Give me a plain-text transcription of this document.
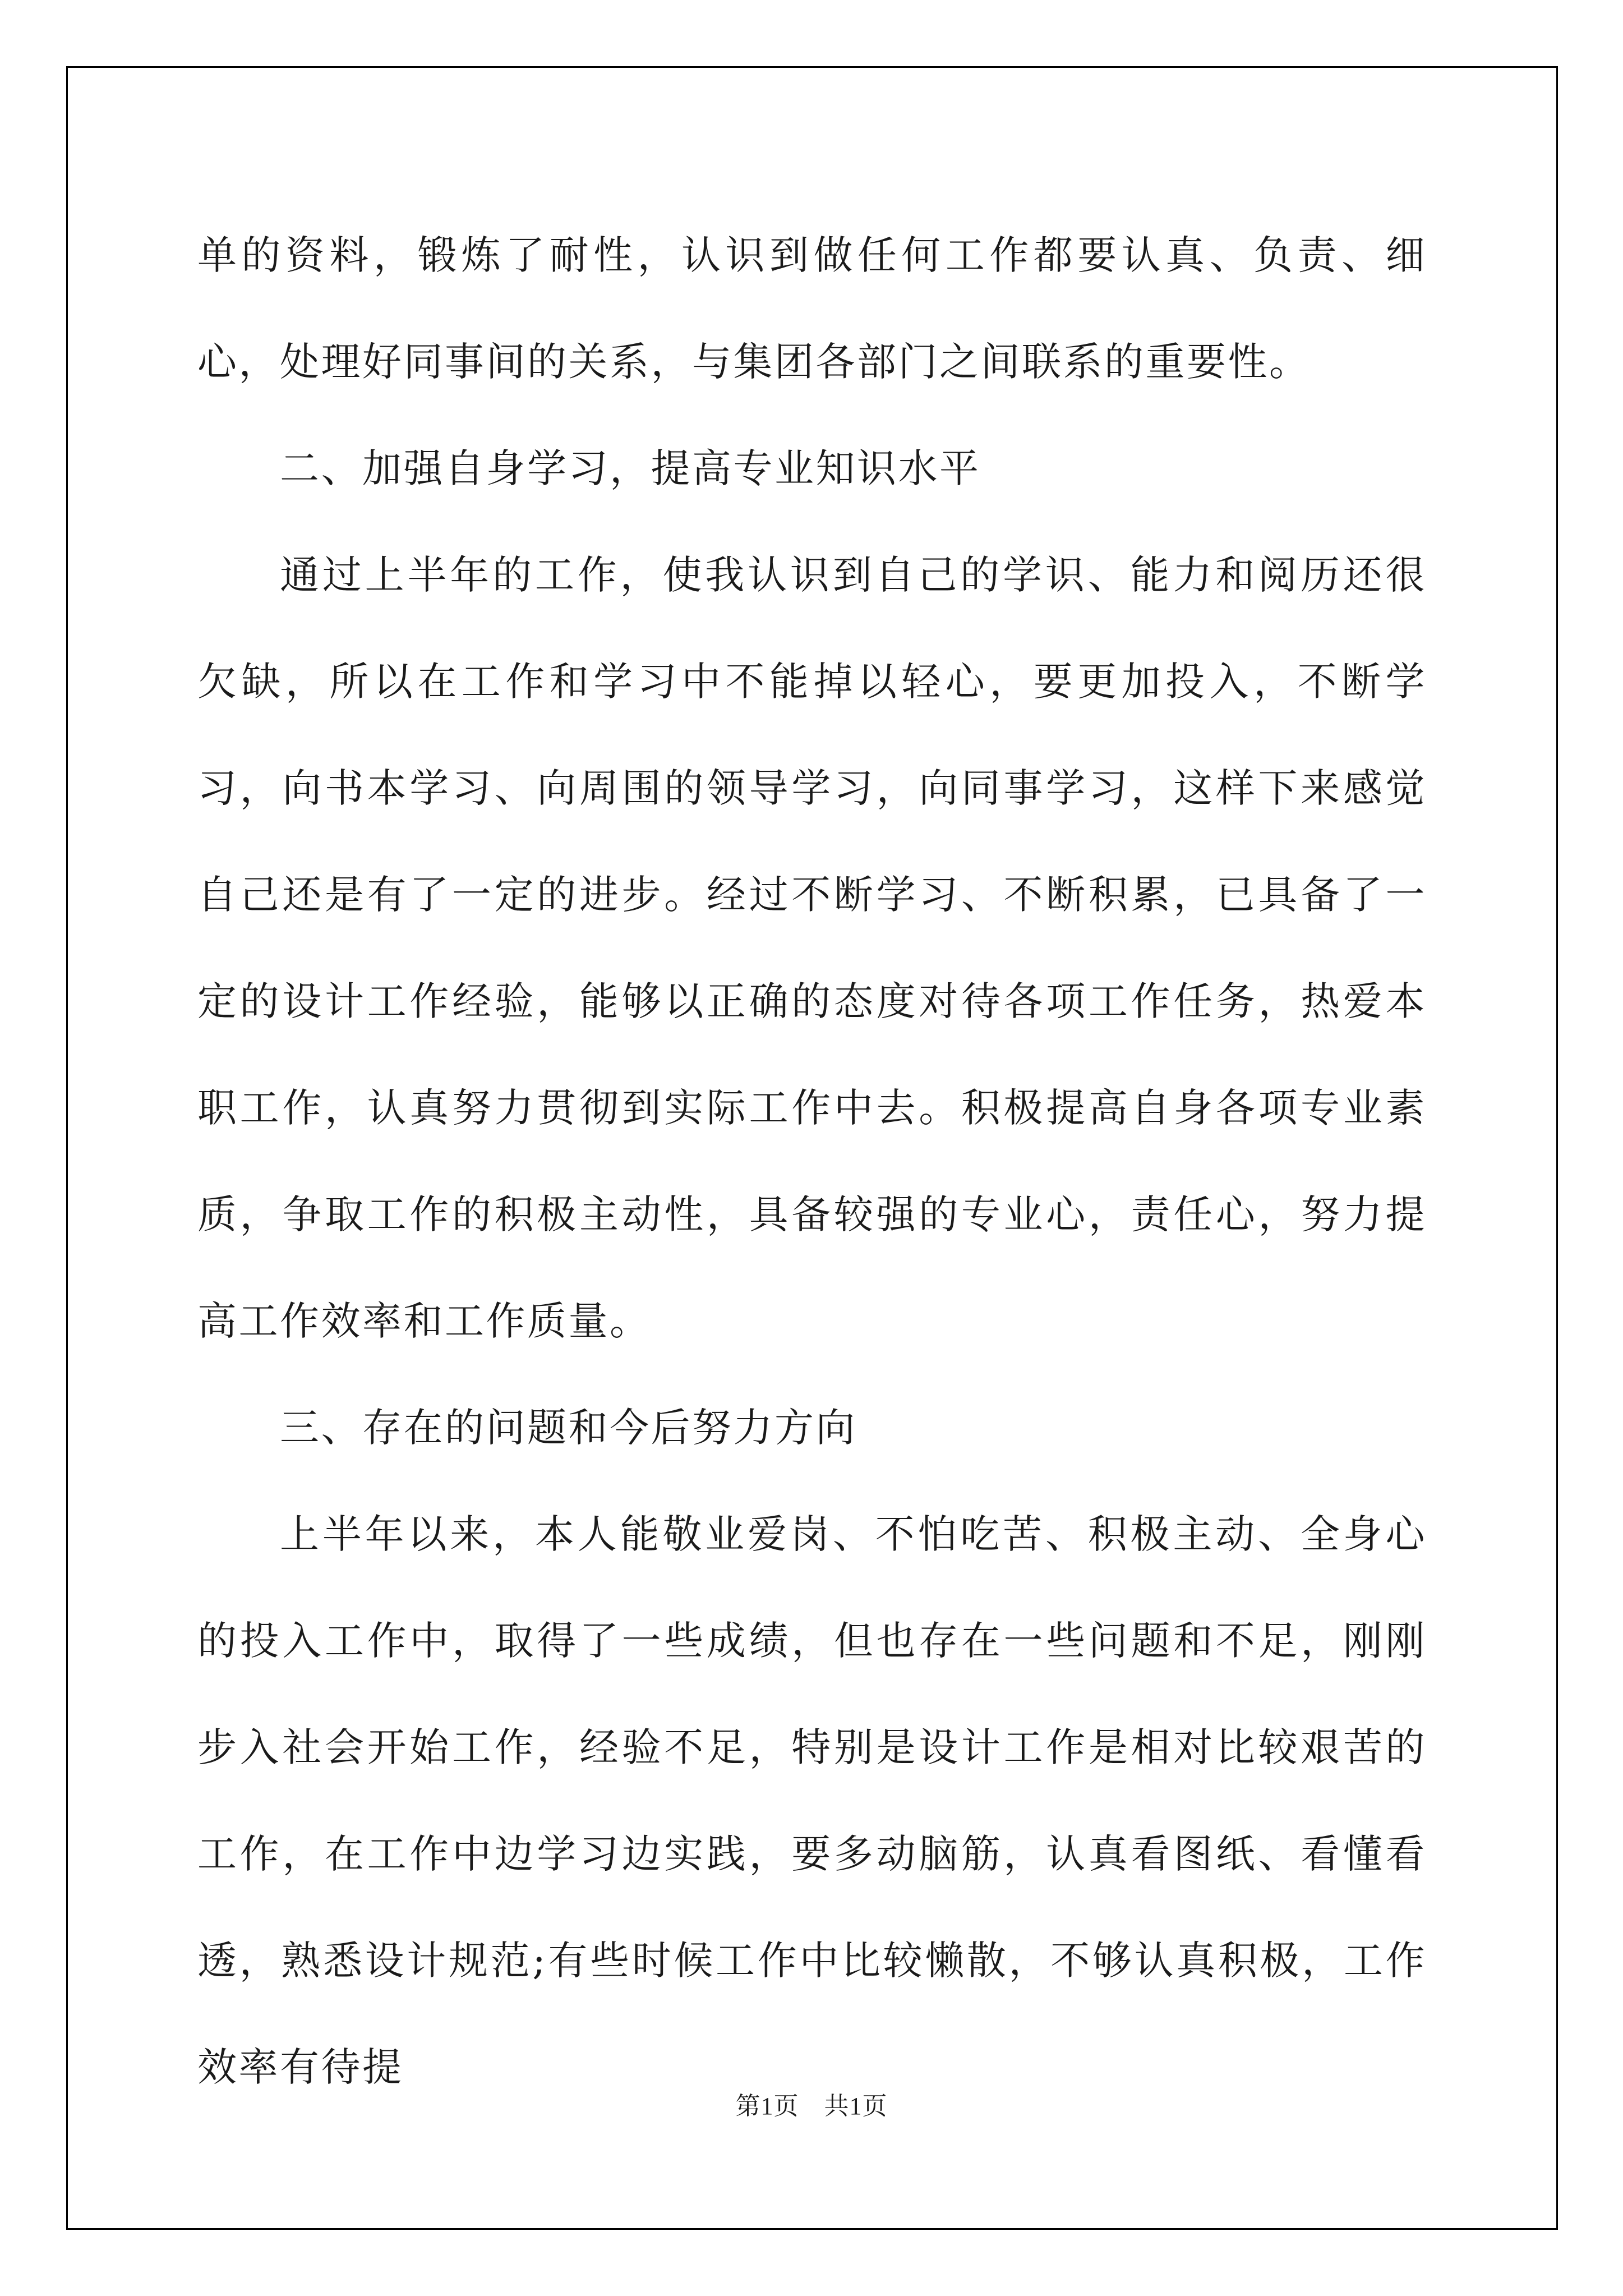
单的资料，锻炼了耐性，认识到做任何工作都要认真、负责、细心，处理好同事间的关系，与集团各部门之间联系的重要性。

二、加强自身学习，提高专业知识水平

通过上半年的工作，使我认识到自己的学识、能力和阅历还很欠缺，所以在工作和学习中不能掉以轻心，要更加投入，不断学习，向书本学习、向周围的领导学习，向同事学习，这样下来感觉自己还是有了一定的进步。经过不断学习、不断积累，已具备了一定的设计工作经验，能够以正确的态度对待各项工作任务，热爱本职工作，认真努力贯彻到实际工作中去。积极提高自身各项专业素质，争取工作的积极主动性，具备较强的专业心，责任心，努力提高工作效率和工作质量。

三、存在的问题和今后努力方向

上半年以来，本人能敬业爱岗、不怕吃苦、积极主动、全身心的投入工作中，取得了一些成绩，但也存在一些问题和不足，刚刚步入社会开始工作，经验不足，特别是设计工作是相对比较艰苦的工作，在工作中边学习边实践，要多动脑筋，认真看图纸、看懂看透，熟悉设计规范;有些时候工作中比较懒散，不够认真积极，工作效率有待提

第1页　共1页
